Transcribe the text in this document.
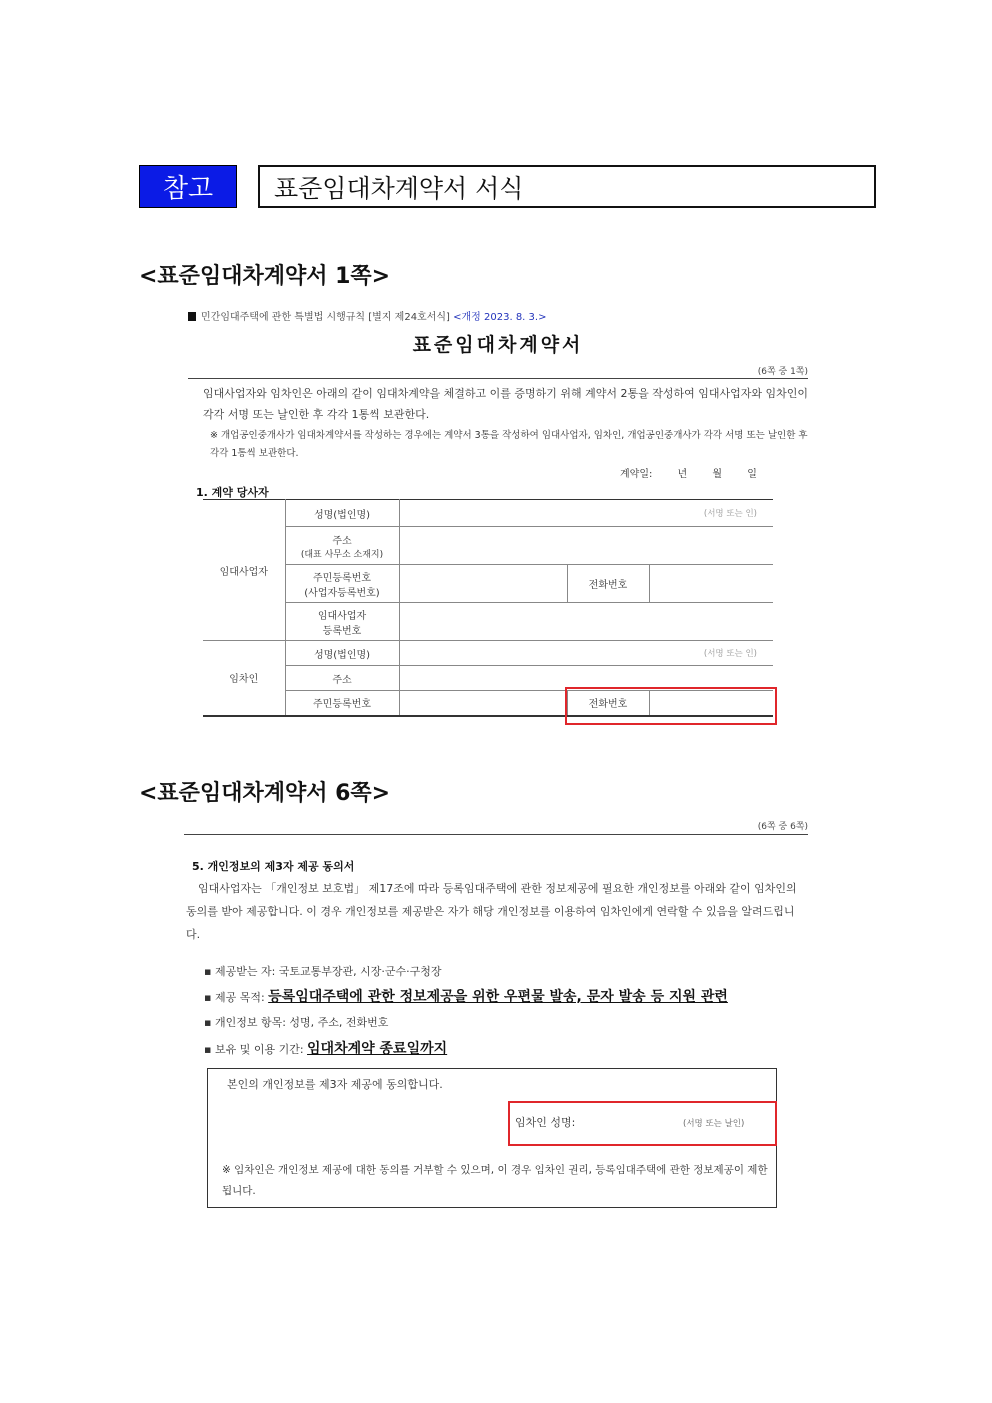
참고	표준임대차계약서 서식
<표준임대차계약서 1쪽>
민간임대주택에 관한 특별법 시행규칙 [별지 제24호서식] <개정 2023. 8. 3.>
표준임대차계약서
(6쪽 중 1쪽)
임대사업자와 임차인은 아래의 같이 임대차계약을 체결하고 이를 증명하기 위해 계약서 2통을 작성하여 임대사업자와 임차인이 각각 서명 또는 날인한 후 각각 1통씩 보관한다.
※ 개업공인중개사가 임대차계약서를 작성하는 경우에는 계약서 3통을 작성하여 임대사업자, 임차인, 개업공인중개사가 각각 서명 또는 날인한 후 각각 1통씩 보관한다.
계약일: 년 월 일
1. 계약 당사자
임대사업자	성명(법인명)	(서명 또는 인)		

	주소
(대표 사무소 소재지)			

	주민등록번호
(사업자등록번호)		전화번호	

	임대사업자
등록번호			

임차인	성명(법인명)	(서명 또는 인)		
	주소			
	주민등록번호		전화번호	
<표준임대차계약서 6쪽>
(6쪽 중 6쪽)
5. 개인정보의 제3자 제공 동의서
임대사업자는 「개인정보 보호법」 제17조에 따라 등록임대주택에 관한 정보제공에 필요한 개인정보를 아래와 같이 임차인의 동의를 받아 제공합니다. 이 경우 개인정보를 제공받은 자가 해당 개인정보를 이용하여 임차인에게 연락할 수 있음을 알려드립니다.
▪ 제공받는 자: 국토교통부장관, 시장·군수·구청장
▪ 제공 목적: 등록임대주택에 관한 정보제공을 위한 우편물 발송, 문자 발송 등 지원 관련
▪ 개인정보 항목: 성명, 주소, 전화번호
▪ 보유 및 이용 기간: 임대차계약 종료일까지
본인의 개인정보를 제3자 제공에 동의합니다.
임차인 성명:	(서명 또는 날인)
※ 임차인은 개인정보 제공에 대한 동의를 거부할 수 있으며, 이 경우 임차인 권리, 등록임대주택에 관한 정보제공이 제한됩니다.
